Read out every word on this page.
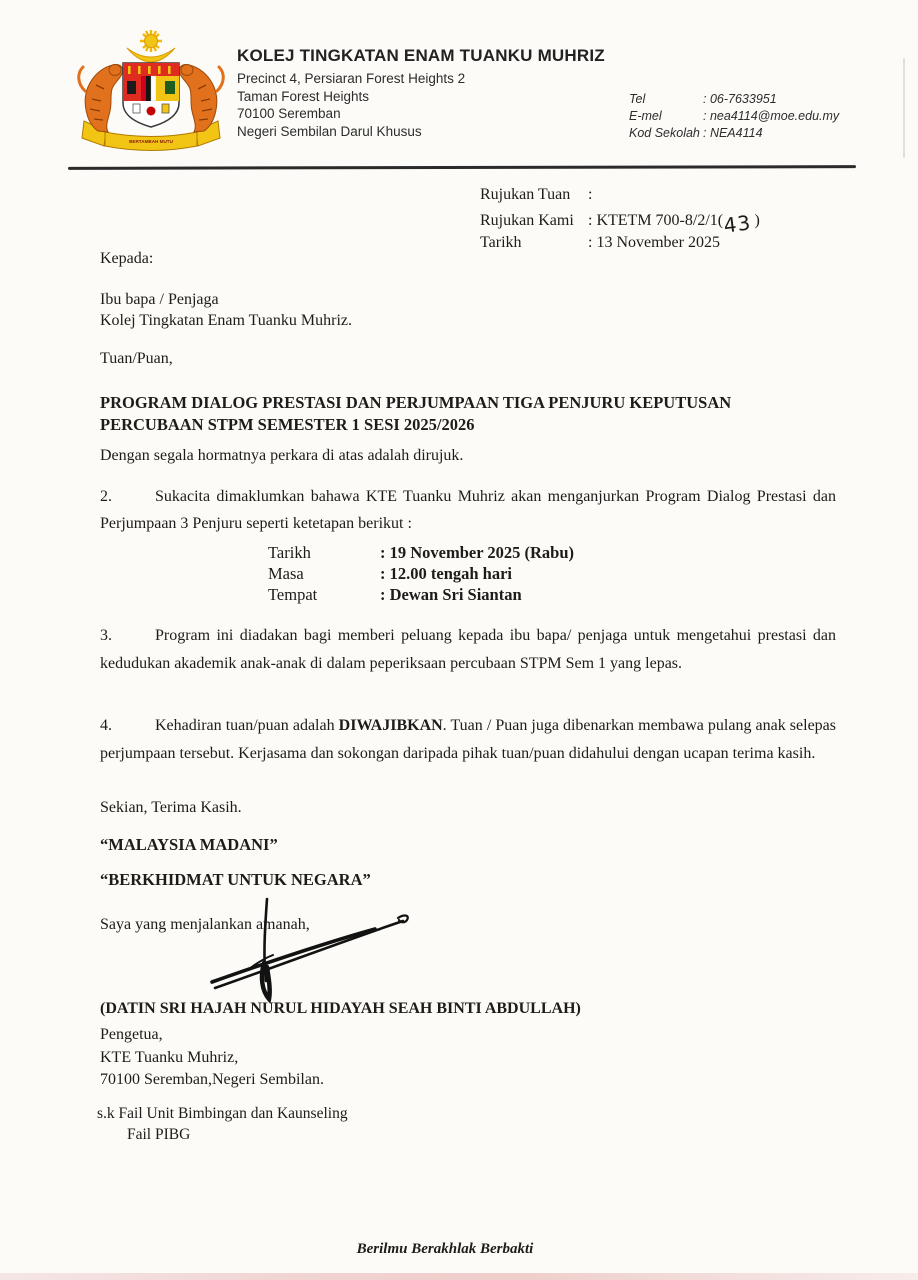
BERTAMBAH MUTU
KOLEJ TINGKATAN ENAM TUANKU MUHRIZ
Precinct 4, Persiaran Forest Heights 2
Taman Forest Heights
70100 Seremban
Negeri Sembilan Darul Khusus
Tel	: 06-7633951
E-mel	: nea4114@moe.edu.my
Kod Sekolah : NEA4114
Rujukan Tuan	:
Rujukan Kami : KTETM 700-8/2/1(43 )
Tarikh	: 13 November 2025
Kepada:
Ibu bapa / Penjaga
Kolej Tingkatan Enam Tuanku Muhriz.
Tuan/Puan,
PROGRAM DIALOG PRESTASI DAN PERJUMPAAN TIGA PENJURU KEPUTUSAN
PERCUBAAN STPM SEMESTER 1 SESI 2025/2026
Dengan segala hormatnya perkara di atas adalah dirujuk.
2.	Sukacita dimaklumkan bahawa KTE Tuanku Muhriz akan menganjurkan Program Dialog Prestasi dan Perjumpaan 3 Penjuru seperti ketetapan berikut :
Tarikh	: 19 November 2025 (Rabu)
Masa	: 12.00 tengah hari
Tempat	: Dewan Sri Siantan
3.	Program ini diadakan bagi memberi peluang kepada ibu bapa/ penjaga untuk mengetahui prestasi dan kedudukan akademik anak-anak di dalam peperiksaan percubaan STPM Sem 1 yang lepas.
4.	Kehadiran tuan/puan adalah DIWAJIBKAN. Tuan / Puan juga dibenarkan membawa pulang anak selepas perjumpaan tersebut. Kerjasama dan sokongan daripada pihak tuan/puan didahului dengan ucapan terima kasih.
Sekian, Terima Kasih.
“MALAYSIA MADANI”
“BERKHIDMAT UNTUK NEGARA”
Saya yang menjalankan amanah,
(DATIN SRI HAJAH NURUL HIDAYAH SEAH BINTI ABDULLAH)
Pengetua,
KTE Tuanku Muhriz,
70100 Seremban,Negeri Sembilan.
s.k Fail Unit Bimbingan dan Kaunseling
Fail PIBG
Berilmu Berakhlak Berbakti
